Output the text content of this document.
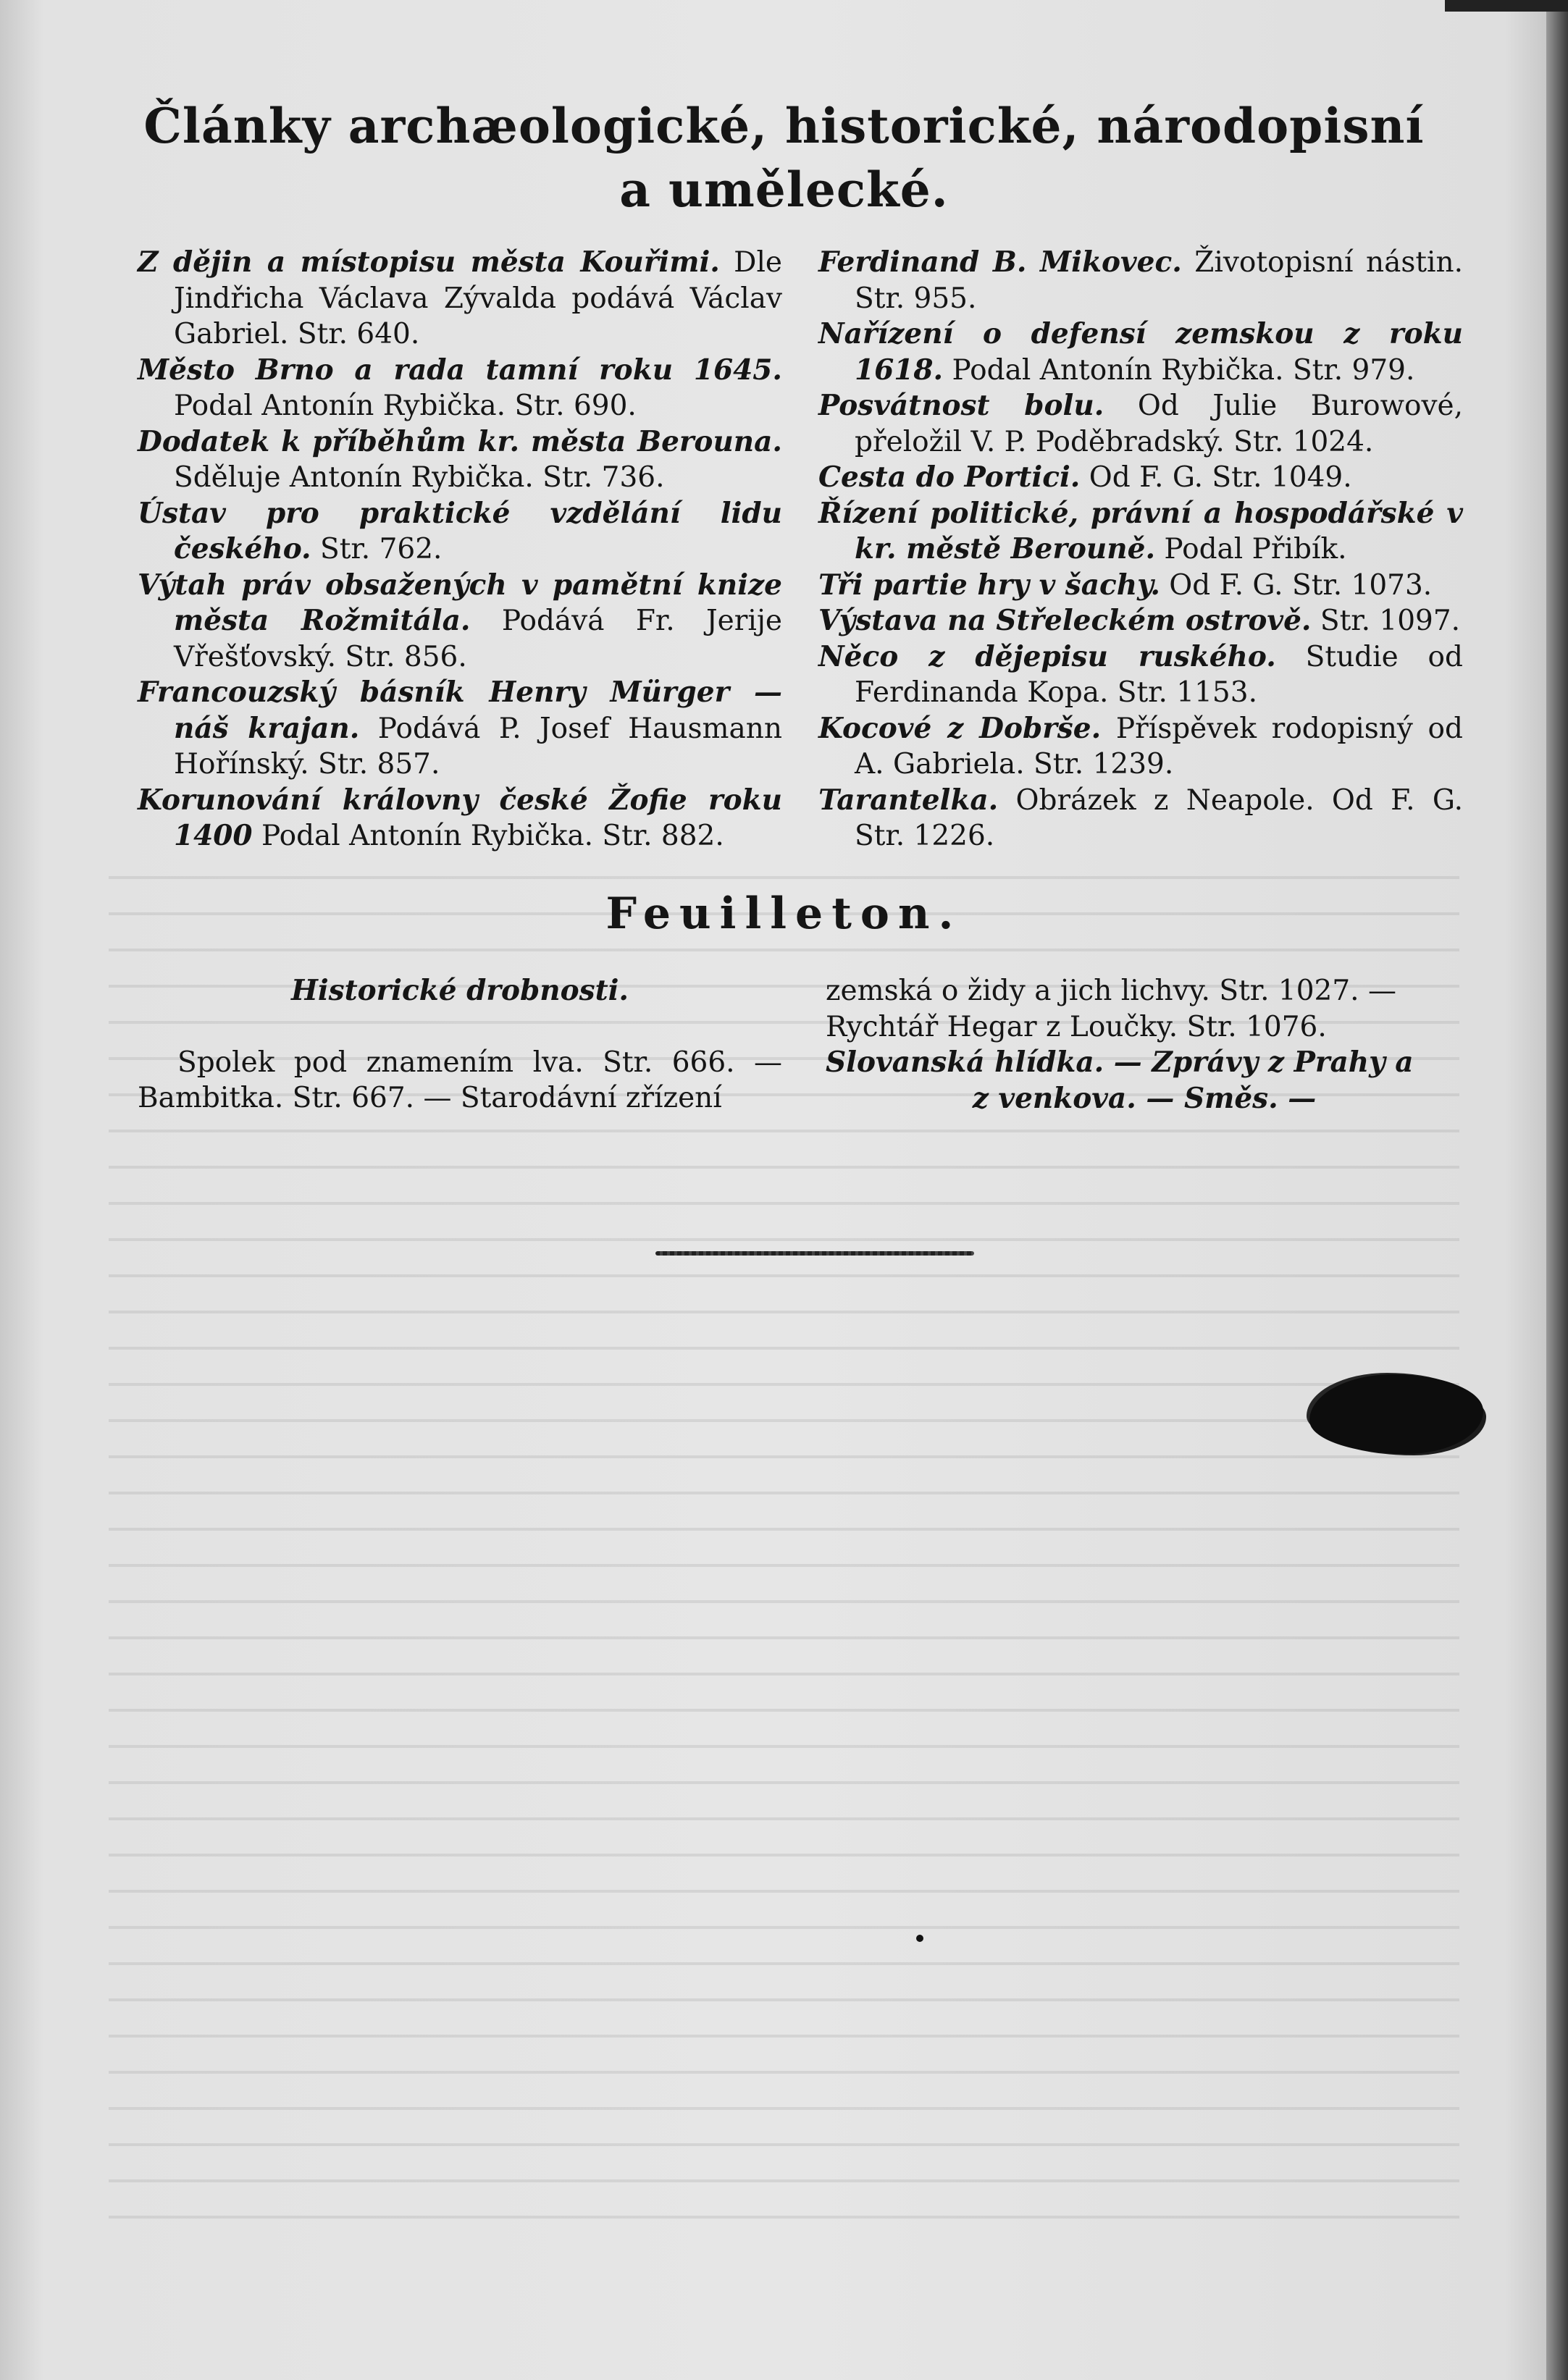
Články archæologické, historické, národopisní
a umělecké.

Z dějin a místopisu města Kouřimi. Dle Jindřicha Václava Zývalda podává Václav Gabriel. Str. 640.

Město Brno a rada tamní roku 1645. Podal Antonín Rybička. Str. 690.

Dodatek k příběhům kr. města Berouna. Sděluje Antonín Rybička. Str. 736.

Ústav pro praktické vzdělání lidu českého. Str. 762.

Výtah práv obsažených v pamětní knize města Rožmitála. Podává Fr. Jerije Vřešťovský. Str. 856.

Francouzský básník Henry Mürger — náš krajan. Podává P. Josef Hausmann Hořínský. Str. 857.

Korunování královny české Žofie roku 1400 Podal Antonín Rybička. Str. 882.

Ferdinand B. Mikovec. Životopisní nástin. Str. 955.

Nařízení o defensí zemskou z roku 1618. Podal Antonín Rybička. Str. 979.

Posvátnost bolu. Od Julie Burowové, přeložil V. P. Poděbradský. Str. 1024.

Cesta do Portici. Od F. G. Str. 1049.

Řízení politické, právní a hospodářské v kr. městě Berouně. Podal Přibík.

Tři partie hry v šachy. Od F. G. Str. 1073.

Výstava na Střeleckém ostrově. Str. 1097.

Něco z dějepisu ruského. Studie od Ferdinanda Kopa. Str. 1153.

Kocové z Dobrše. Příspěvek rodopisný od A. Gabriela. Str. 1239.

Tarantelka. Obrázek z Neapole. Od F. G. Str. 1226.

Feuilleton.

Historické drobnosti.

Spolek pod znamením lva. Str. 666. — Bambitka. Str. 667. — Starodávní zřízení

zemská o židy a jich lichvy. Str. 1027. —

Rychtář Hegar z Loučky. Str. 1076.

Slovanská hlídka. — Zprávy z Prahy a

z venkova. — Směs. —
